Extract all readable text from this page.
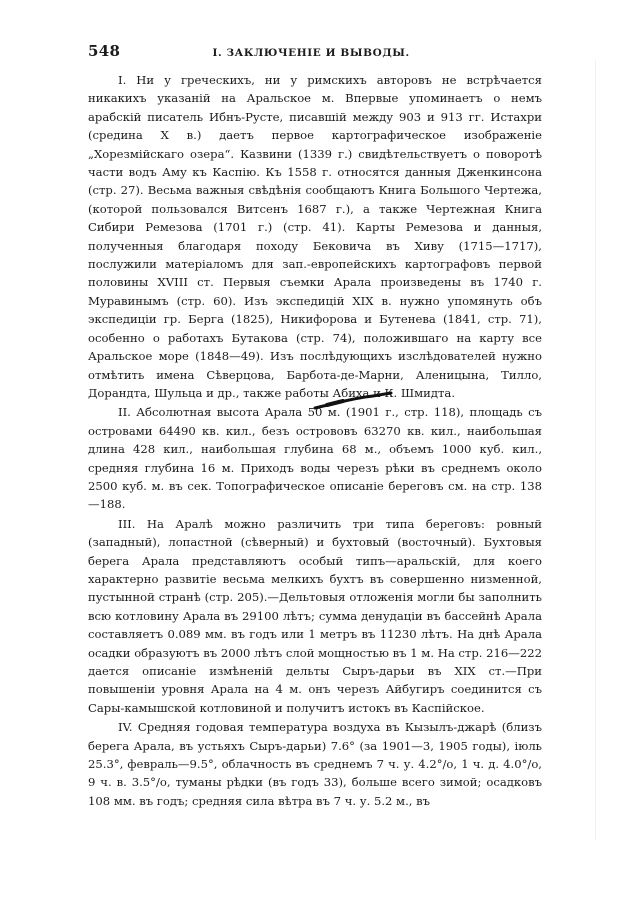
548	I. ЗАКЛЮЧЕНІЕ И ВЫВОДЫ.

I. Ни у греческихъ, ни у римскихъ авторовъ не встрѣчается никакихъ указаній на Аральское м. Впервые упоминаетъ о немъ арабскій писатель Ибнъ-Русте, писавшій между 903 и 913 гг. Истахри (средина X в.) даетъ первое картографическое изображеніе „Хорезмійскаго озера“. Казвини (1339 г.) свидѣтельствуетъ о поворотѣ части водъ Аму къ Каспію. Къ 1558 г. относятся данныя Дженкинсона (стр. 27). Весьма важныя свѣдѣнія сообщаютъ Книга Большого Чертежа, (которой пользовался Витсенъ 1687 г.), а также Чертежная Книга Сибири Ремезова (1701 г.) (стр. 41). Карты Ремезова и данныя, полученныя благодаря походу Бековича въ Хиву (1715—1717), послужили матеріаломъ для зап.-европейскихъ картографовъ первой половины XVIII ст. Первыя съемки Арала произведены въ 1740 г. Муравинымъ (стр. 60). Изъ экспедицій XIX в. нужно упомянуть объ экспедиціи гр. Берга (1825), Никифорова и Бутенева (1841, стр. 71), особенно о работахъ Бутакова (стр. 74), положившаго на карту все Аральское море (1848—49). Изъ послѣдующихъ изслѣдователей нужно отмѣтить имена Сѣверцова, Барбота-де-Марни, Аленицына, Тилло, Дорандта, Шульца и др., также работы Абиха и К. Шмидта.

II. Абсолютная высота Арала 50 м. (1901 г., стр. 118), площадь съ островами 64490 кв. кил., безъ острововъ 63270 кв. кил., наибольшая длина 428 кил., наибольшая глубина 68 м., объемъ 1000 куб. кил., средняя глубина 16 м. Приходъ воды черезъ рѣки въ среднемъ около 2500 куб. м. въ сек. Топографическое описаніе береговъ см. на стр. 138—188.

III. На Аралѣ можно различить три типа береговъ: ровный (западный), лопастной (сѣверный) и бухтовый (восточный). Бухтовыя берега Арала представляютъ особый типъ—аральскій, для коего характерно развитіе весьма мелкихъ бухтъ въ совершенно низменной, пустынной странѣ (стр. 205).—Дельтовыя отложенія могли бы заполнить всю котловину Арала въ 29100 лѣтъ; сумма денудаціи въ бассейнѣ Арала составляетъ 0.089 мм. въ годъ или 1 метръ въ 11230 лѣтъ. На днѣ Арала осадки образуютъ въ 2000 лѣтъ слой мощностью въ 1 м. На стр. 216—222 дается описаніе измѣненій дельты Сыръ-дарьи въ XIX ст.—При повышеніи уровня Арала на 4 м. онъ черезъ Айбугиръ соединится съ Сары-камышской котловиной и получитъ истокъ въ Каспійское.

IV. Средняя годовая температура воздуха въ Кызылъ-джарѣ (близъ берега Арала, въ устьяхъ Сыръ-дарьи) 7.6° (за 1901—3, 1905 годы), іюль 25.3°, февраль—9.5°, облачность въ среднемъ 7 ч. у. 4.2°/о, 1 ч. д. 4.0°/о, 9 ч. в. 3.5°/о, туманы рѣдки (въ годъ 33), больше всего зимой; осадковъ 108 мм. въ годъ; средняя сила вѣтра въ 7 ч. у. 5.2 м., въ
